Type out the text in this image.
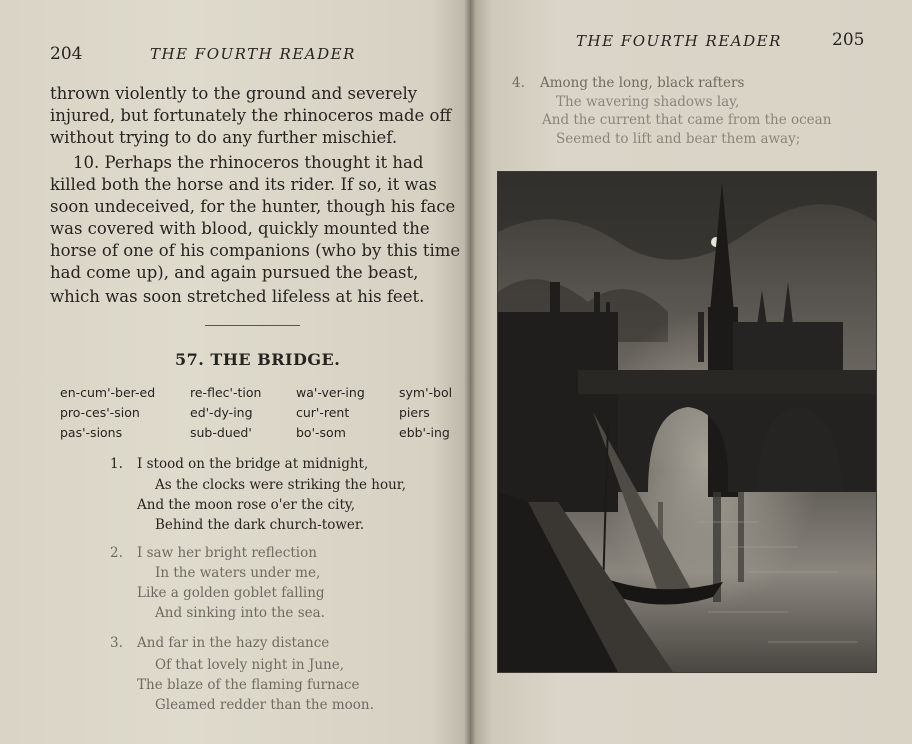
204	THE FOURTH READER
thrown violently to the ground and severely
injured, but fortunately the rhinoceros made off
without trying to do any further mischief.
10. Perhaps the rhinoceros thought it had
killed both the horse and its rider. If so, it was
soon undeceived, for the hunter, though his face
was covered with blood, quickly mounted the
horse of one of his companions (who by this time
had come up), and again pursued the beast,
which was soon stretched lifeless at his feet.
57. THE BRIDGE.
en-cum'-ber-ed	re-flec'-tion	wa'-ver-ing	sym'-bol
pro-ces'-sion	ed'-dy-ing	cur'-rent	piers
pas'-sions	sub-dued'	bo'-som	ebb'-ing
1. I stood on the bridge at midnight,
As the clocks were striking the hour,
And the moon rose o'er the city,
Behind the dark church-tower.
2. I saw her bright reflection
In the waters under me,
Like a golden goblet falling
And sinking into the sea.
3. And far in the hazy distance
Of that lovely night in June,
The blaze of the flaming furnace
Gleamed redder than the moon.
THE FOURTH READER	205
4. Among the long, black rafters
The wavering shadows lay,
And the current that came from the ocean
Seemed to lift and bear them away;
